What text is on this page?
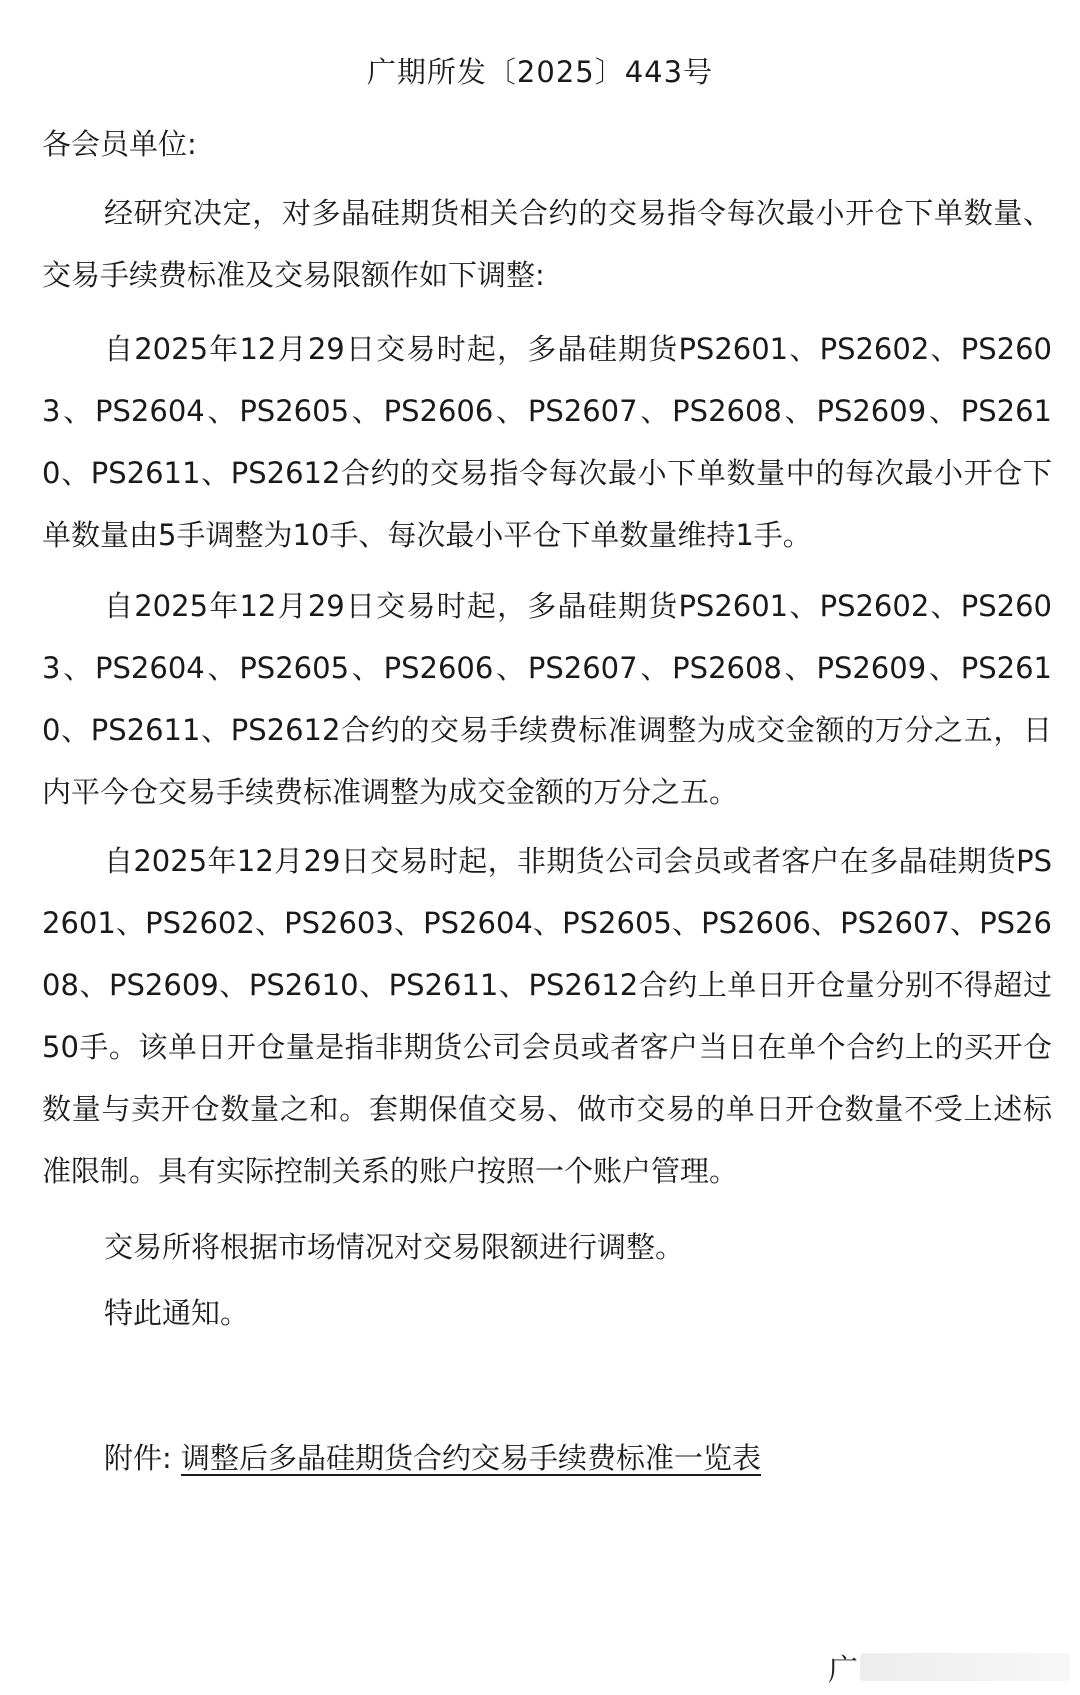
广期所发〔2025〕443号
各会员单位:

经研究决定，对多晶硅期货相关合约的交易指令每次最小开仓下单数量、交易手续费标准及交易限额作如下调整:

自2025年12月29日交易时起，多晶硅期货PS2601、PS2602、PS2603、PS2604、PS2605、PS2606、PS2607、PS2608、PS2609、PS2610、PS2611、PS2612合约的交易指令每次最小下单数量中的每次最小开仓下单数量由5手调整为10手、每次最小平仓下单数量维持1手。

自2025年12月29日交易时起，多晶硅期货PS2601、PS2602、PS2603、PS2604、PS2605、PS2606、PS2607、PS2608、PS2609、PS2610、PS2611、PS2612合约的交易手续费标准调整为成交金额的万分之五，日内平今仓交易手续费标准调整为成交金额的万分之五。

自2025年12月29日交易时起，非期货公司会员或者客户在多晶硅期货PS2601、PS2602、PS2603、PS2604、PS2605、PS2606、PS2607、PS2608、PS2609、PS2610、PS2611、PS2612合约上单日开仓量分别不得超过50手。该单日开仓量是指非期货公司会员或者客户当日在单个合约上的买开仓数量与卖开仓数量之和。套期保值交易、做市交易的单日开仓数量不受上述标准限制。具有实际控制关系的账户按照一个账户管理。

交易所将根据市场情况对交易限额进行调整。

特此通知。

附件: 调整后多晶硅期货合约交易手续费标准一览表
广
